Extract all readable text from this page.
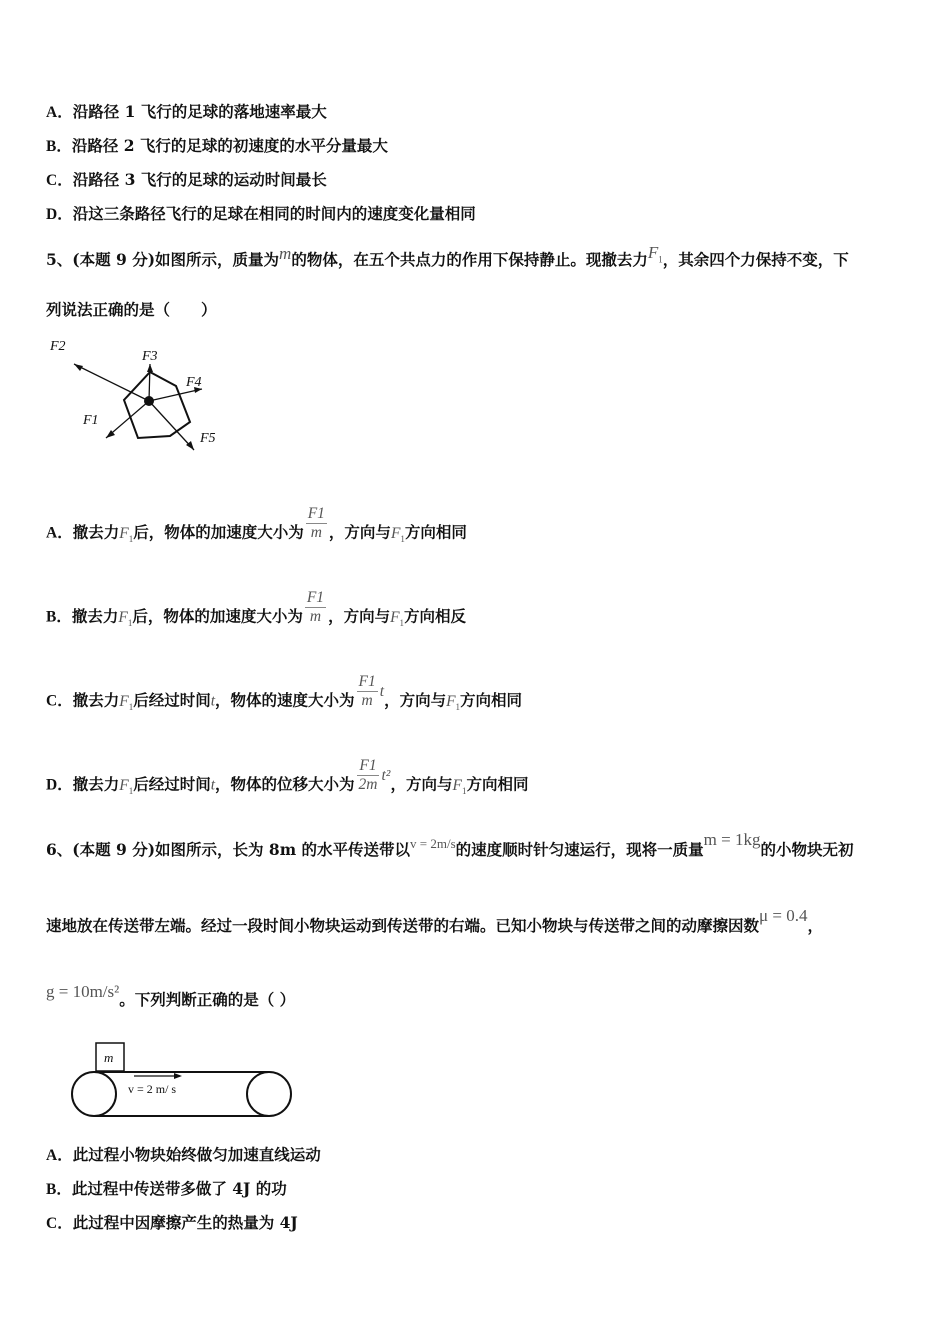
A．沿路径 1 飞行的足球的落地速率最大
B．沿路径 2 飞行的足球的初速度的水平分量最大
C．沿路径 3 飞行的足球的运动时间最长
D．沿这三条路径飞行的足球在相同的时间内的速度变化量相同
5、(本题 9 分)如图所示，质量为m的物体，在五个共点力的作用下保持静止。现撤去力$F_1$，其余四个力保持不变，下
列说法正确的是（　　）
F2
F3
F4
F1
F5
A．撤去力$F_1$后，物体的加速度大小为 $\frac{F1}{m}$ ，方向与$F_1$方向相同
B．撤去力$F_1$后，物体的加速度大小为 $\frac{F1}{m}$ ，方向与$F_1$方向相反
C．撤去力$F_1$后经过时间t，物体的速度大小为 $\frac{F1}{m}$ t，方向与$F_1$方向相同
D．撤去力$F_1$后经过时间t，物体的位移大小为 $\frac{F1}{2m} t^2$，方向与$F_1$方向相同
6、(本题 9 分)如图所示，长为 8m 的水平传送带以$^{v = 2m/s}$的速度顺时针匀速运行，现将一质量m = 1kg的小物块无初
速地放在传送带左端。经过一段时间小物块运动到传送带的右端。已知小物块与传送带之间的动摩擦因数μ = 0.4，
g = 10m/s²。下列判断正确的是（ ）
m
v = 2 m/ s
A．此过程小物块始终做匀加速直线运动
B．此过程中传送带多做了 4J 的功
C．此过程中因摩擦产生的热量为 4J
